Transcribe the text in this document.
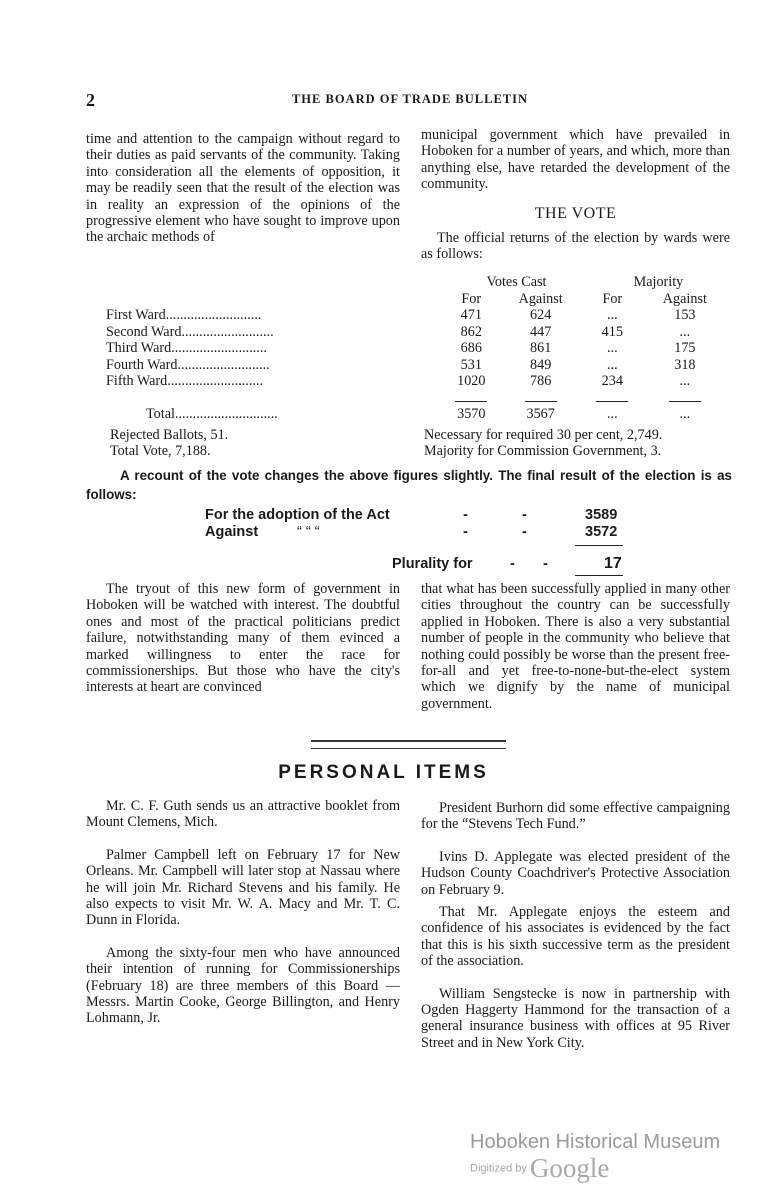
2	THE BOARD OF TRADE BULLETIN

time and attention to the campaign without regard to their duties as paid servants of the community. Taking into consideration all the elements of opposition, it may be readily seen that the result of the election was in reality an expression of the opinions of the progressive element who have sought to improve upon the archaic methods of

municipal government which have prevailed in Hoboken for a number of years, and which, more than anything else, have retarded the development of the community.

THE VOTE

The official returns of the election by wards were as follows:

	Votes Cast		Majority	
	For	Against	For	Against
First Ward...........................	471	624	...	153
Second Ward..........................	862	447	415	...
Third Ward...........................	686	861	...	175
Fourth Ward..........................	531	849	...	318
Fifth Ward...........................	1020	786	234	...

Total.............................	3570	3567	...	...
Rejected Ballots, 51.
Total Vote, 7,188.
Necessary for required 30 per cent, 2,749.
Majority for Commission Government, 3.
A recount of the vote changes the above figures slightly. The final result of the election is as follows:
For the adoption of the Act	-	-	3589
Against	“ “ “	-	-	3572
Plurality for	- -	17

The tryout of this new form of government in Hoboken will be watched with interest. The doubtful ones and most of the practical politicians predict failure, notwithstanding many of them evinced a marked willingness to enter the race for commissionerships. But those who have the city's interests at heart are convinced

that what has been successfully applied in many other cities throughout the country can be successfully applied in Hoboken. There is also a very substantial number of people in the community who believe that nothing could possibly be worse than the present free-for-all and yet free-to-none-but-the-elect system which we dignify by the name of municipal government.

PERSONAL ITEMS

Mr. C. F. Guth sends us an attractive booklet from Mount Clemens, Mich.

Palmer Campbell left on February 17 for New Orleans. Mr. Campbell will later stop at Nassau where he will join Mr. Richard Stevens and his family. He also expects to visit Mr. W. A. Macy and Mr. T. C. Dunn in Florida.

Among the sixty-four men who have announced their intention of running for Commissionerships (February 18) are three members of this Board — Messrs. Martin Cooke, George Billington, and Henry Lohmann, Jr.

President Burhorn did some effective campaigning for the “Stevens Tech Fund.”

Ivins D. Applegate was elected president of the Hudson County Coachdriver's Protective Association on February 9.

That Mr. Applegate enjoys the esteem and confidence of his associates is evidenced by the fact that this is his sixth successive term as the president of the association.

William Sengstecke is now in partnership with Ogden Haggerty Hammond for the transaction of a general insurance business with offices at 95 River Street and in New York City.

Hoboken Historical Museum
Digitized by Google
